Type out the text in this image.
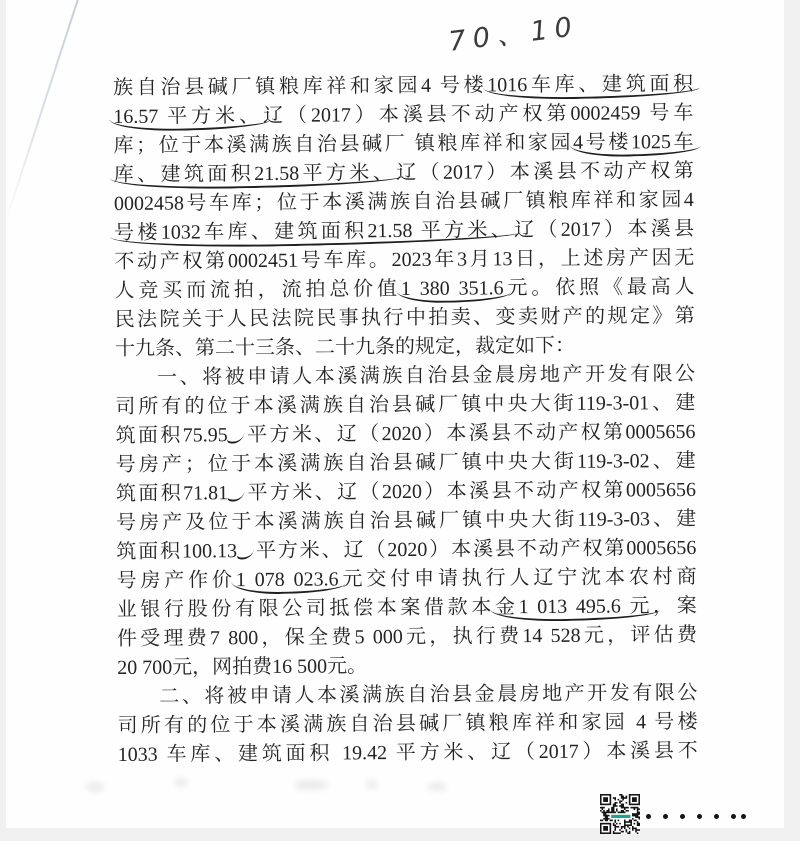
70、10
族自治县碱厂镇粮库祥和家园4 号楼1016车库、建筑面积
16.57 平方米、辽（2017）本溪县不动产权第0002459 号车
库；位于本溪满族自治县碱厂 镇粮库祥和家园4号楼1025车
库、建筑面积21.58平方米、辽（2017）本溪县不动产权第
0002458号车库；位于本溪满族自治县碱厂镇粮库祥和家园4
号楼1032车库、建筑面积21.58 平方米、辽（2017）本溪县
不动产权第0002451号车库。2023年3月13日，上述房产因无
人竞买而流拍，流拍总价值1 380 351.6元。依照《最高人
民法院关于人民法院民事执行中拍卖、变卖财产的规定》第
十九条、第二十三条、二十九条的规定，裁定如下：
一、将被申请人本溪满族自治县金晨房地产开发有限公
司所有的位于本溪满族自治县碱厂镇中央大街119-3-01、建
筑面积75.95 平方米、辽（2020）本溪县不动产权第0005656
号房产；位于本溪满族自治县碱厂镇中央大街119-3-02、建
筑面积71.81 平方米、辽（2020）本溪县不动产权第0005656
号房产及位于本溪满族自治县碱厂镇中央大街119-3-03、建
筑面积100.13 平方米、辽（2020）本溪县不动产权第0005656
号房产作价1 078 023.6元交付申请执行人辽宁沈本农村商
业银行股份有限公司抵偿本案借款本金1 013 495.6 元，案
件受理费7 800，保全费5 000元，执行费14 528元，评估费
20 700元，网拍费16 500元。
二、将被申请人本溪满族自治县金晨房地产开发有限公
司所有的位于本溪满族自治县碱厂镇粮库祥和家园 4 号楼
1033 车库、建筑面积 19.42 平方米、辽（2017）本溪县不
